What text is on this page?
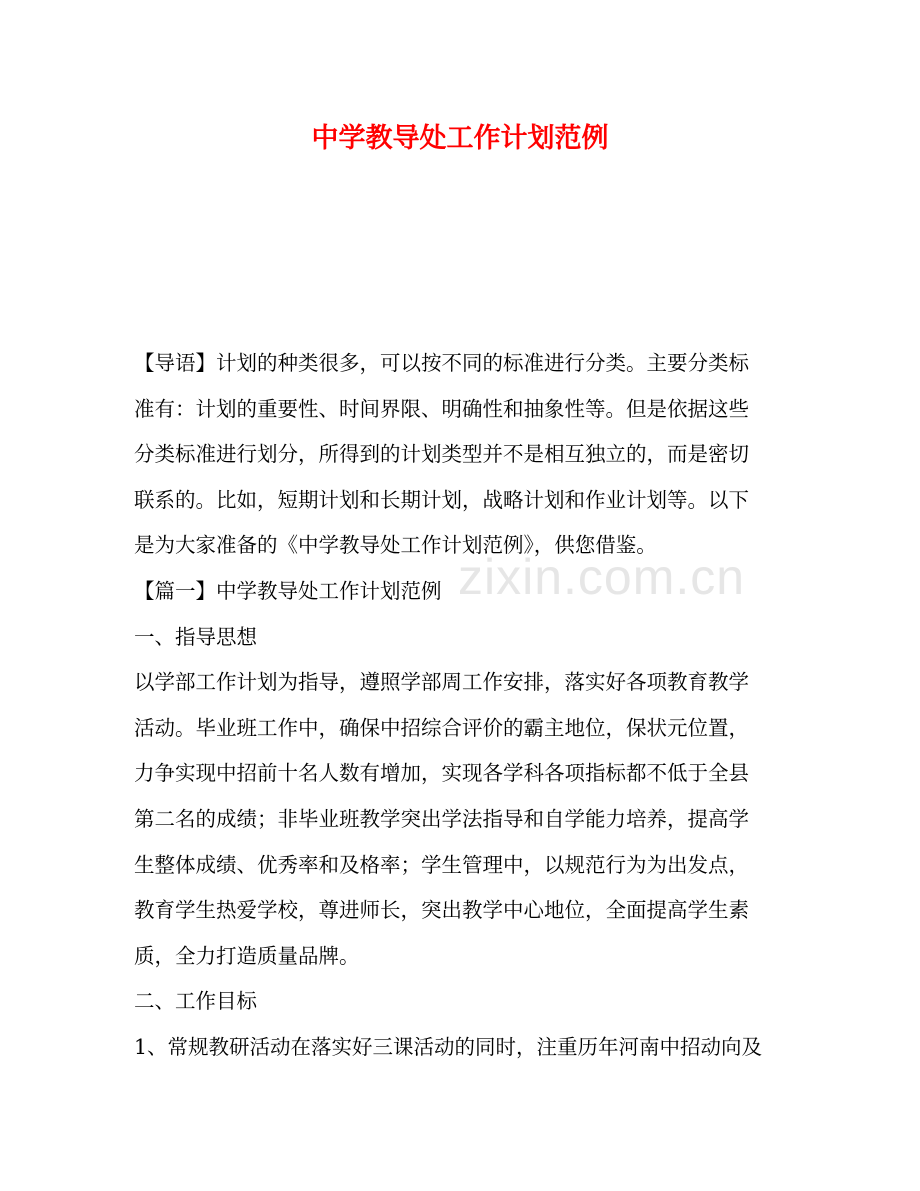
中学教导处工作计划范例
zixin.com.cn
【导语】计划的种类很多，可以按不同的标准进行分类。主要分类标
准有：计划的重要性、时间界限、明确性和抽象性等。但是依据这些
分类标准进行划分，所得到的计划类型并不是相互独立的，而是密切
联系的。比如，短期计划和长期计划，战略计划和作业计划等。以下
是为大家准备的《中学教导处工作计划范例》，供您借鉴。
【篇一】中学教导处工作计划范例
一、指导思想
以学部工作计划为指导，遵照学部周工作安排，落实好各项教育教学
活动。毕业班工作中，确保中招综合评价的霸主地位，保状元位置，
力争实现中招前十名人数有增加，实现各学科各项指标都不低于全县
第二名的成绩；非毕业班教学突出学法指导和自学能力培养，提高学
生整体成绩、优秀率和及格率；学生管理中，以规范行为为出发点，
教育学生热爱学校，尊进师长，突出教学中心地位，全面提高学生素
质，全力打造质量品牌。
二、工作目标
1、常规教研活动在落实好三课活动的同时，注重历年河南中招动向及
